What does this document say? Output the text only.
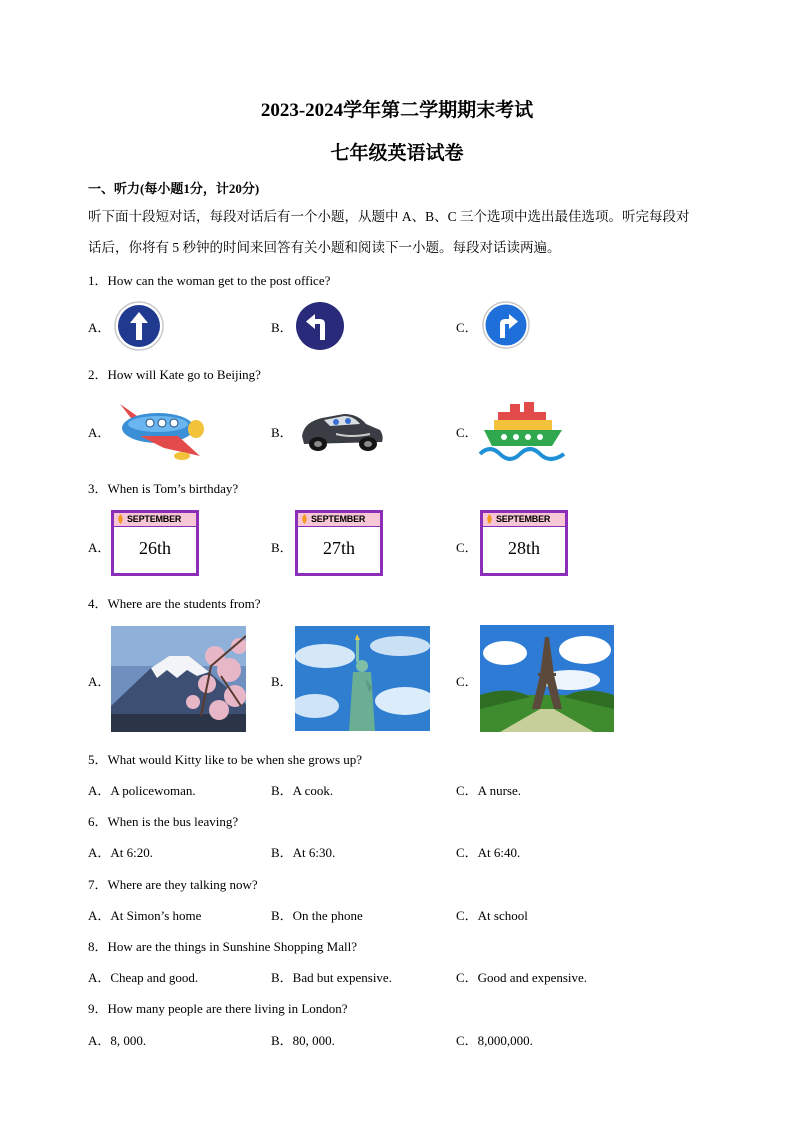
2023-2024学年第二学期期末考试
七年级英语试卷
一、听力(每小题1分，计20分)
听下面十段短对话，每段对话后有一个小题，从题中 A、B、C 三个选项中选出最佳选项。听完每段对
话后，你将有 5 秒钟的时间来回答有关小题和阅读下一小题。每段对话读两遍。
1．How can the woman get to the post office?
A．	B．	C．
2．How will Kate go to Beijing?
A．	B．	C．
3．When is Tom’s birthday?
A．	B．	C．
SEPTEMBER
26th
SEPTEMBER
27th
SEPTEMBER
28th
4．Where are the students from?
A．	B．	C．
5．What would Kitty like to be when she grows up?
A．A policewoman.	B．A cook.	C．A nurse.
6．When is the bus leaving?
A．At 6:20.	B．At 6:30.	C．At 6:40.
7．Where are they talking now?
A．At Simon’s home	B．On the phone	C．At school
8．How are the things in Sunshine Shopping Mall?
A．Cheap and good.	B．Bad but expensive.	C．Good and expensive.
9．How many people are there living in London?
A．8, 000.	B．80, 000.	C．8,000,000.
